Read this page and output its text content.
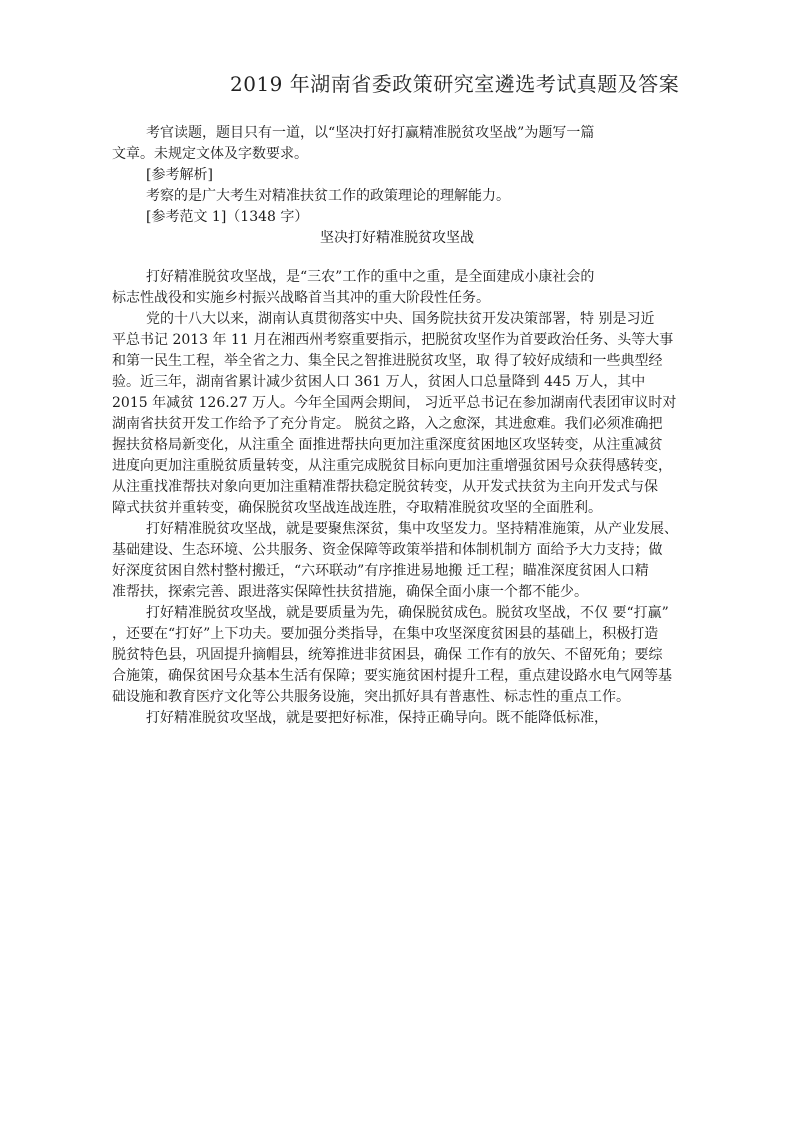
2019 年湖南省委政策研究室遴选考试真题及答案
考官读题，题目只有一道，以“坚决打好打赢精准脱贫攻坚战”为题写一篇
文章。未规定文体及字数要求。
[参考解析]
考察的是广大考生对精准扶贫工作的政策理论的理解能力。
[参考范文 1]（1348 字）
坚决打好精准脱贫攻坚战
打好精准脱贫攻坚战，是“三农”工作的重中之重，是全面建成小康社会的
标志性战役和实施乡村振兴战略首当其冲的重大阶段性任务。
党的十八大以来，湖南认真贯彻落实中央、国务院扶贫开发决策部署，特 别是习近
平总书记 2013 年 11 月在湘西州考察重要指示，把脱贫攻坚作为首要政治任务、头等大事
和第一民生工程，举全省之力、集全民之智推进脱贫攻坚，取 得了较好成绩和一些典型经
验。近三年，湖南省累计减少贫困人口 361 万人，贫困人口总量降到 445 万人，其中
2015 年减贫 126.27 万人。今年全国两会期间， 习近平总书记在参加湖南代表团审议时对
湖南省扶贫开发工作给予了充分肯定。 脱贫之路，入之愈深，其进愈难。我们必须准确把
握扶贫格局新变化，从注重全 面推进帮扶向更加注重深度贫困地区攻坚转变，从注重减贫
进度向更加注重脱贫质量转变，从注重完成脱贫目标向更加注重增强贫困号众获得感转变，
从注重找准帮扶对象向更加注重精准帮扶稳定脱贫转变，从开发式扶贫为主向开发式与保
障式扶贫并重转变，确保脱贫攻坚战连战连胜，夺取精准脱贫攻坚的全面胜利。
打好精准脱贫攻坚战，就是要聚焦深贫，集中攻坚发力。坚持精准施策，从产业发展、
基础建设、生态环境、公共服务、资金保障等政策举措和体制机制方 面给予大力支持；做
好深度贫困自然村整村搬迁，“六环联动”有序推进易地搬 迁工程；瞄准深度贫困人口精
准帮扶，探索完善、跟进落实保障性扶贫措施，确保全面小康一个都不能少。
打好精准脱贫攻坚战，就是要质量为先，确保脱贫成色。脱贫攻坚战，不仅 要“打赢”
，还要在“打好”上下功夫。要加强分类指导，在集中攻坚深度贫困县的基础上，积极打造
脱贫特色县，巩固提升摘帽县，统筹推进非贫困县，确保 工作有的放矢、不留死角；要综
合施策，确保贫困号众基本生活有保障；要实施贫困村提升工程，重点建设路水电气网等基
础设施和教育医疗文化等公共服务设施，突出抓好具有普惠性、标志性的重点工作。
打好精准脱贫攻坚战，就是要把好标准，保持正确导向。既不能降低标准，
